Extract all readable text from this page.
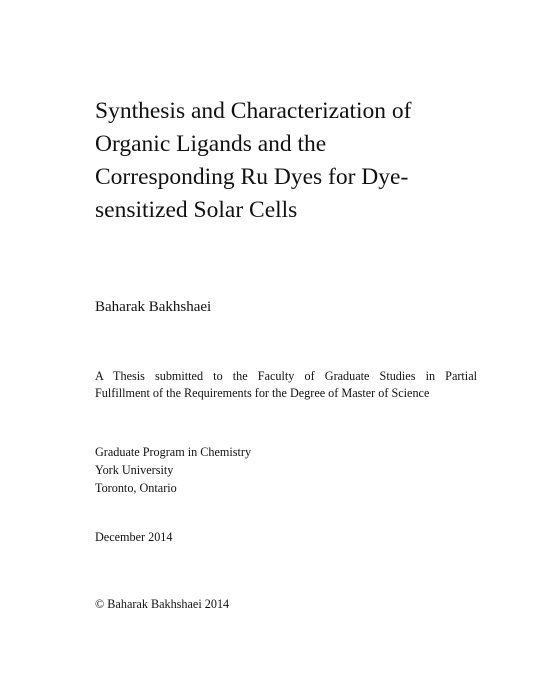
Synthesis and Characterization of
Organic Ligands and the
Corresponding Ru Dyes for Dye-
sensitized Solar Cells

Baharak Bakhshaei

A Thesis submitted to the Faculty of Graduate Studies in Partial
Fulfillment of the Requirements for the Degree of Master of Science

Graduate Program in Chemistry
York University
Toronto, Ontario

December 2014

© Baharak Bakhshaei 2014
